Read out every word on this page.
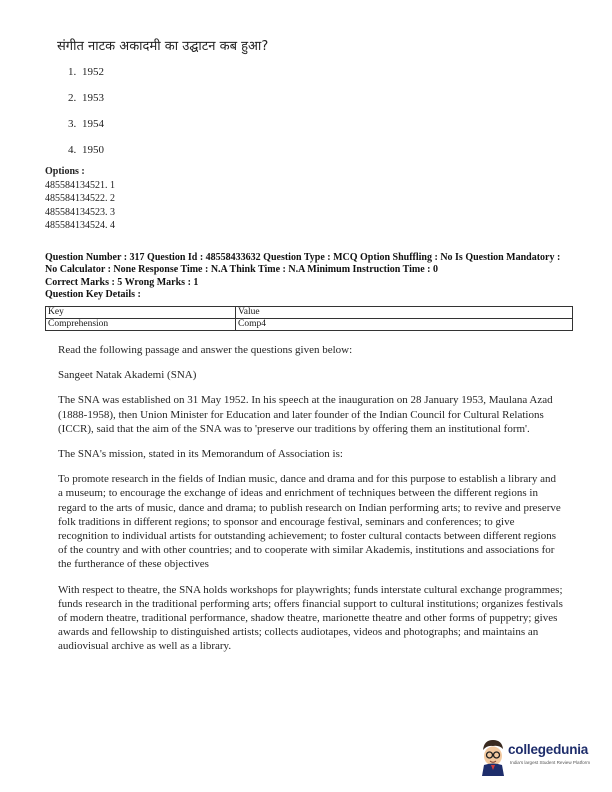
संगीत नाटक अकादमी का उद्घाटन कब हुआ?
1. 1952
2. 1953
3. 1954
4. 1950
Options :
485584134521. 1
485584134522. 2
485584134523. 3
485584134524. 4
Question Number : 317 Question Id : 48558433632 Question Type : MCQ Option Shuffling : No Is Question Mandatory :
No Calculator : None Response Time : N.A Think Time : N.A Minimum Instruction Time : 0
Correct Marks : 5 Wrong Marks : 1
Question Key Details :
Key	Value
Comprehension	Comp4

Read the following passage and answer the questions given below:

Sangeet Natak Akademi (SNA)

The SNA was established on 31 May 1952. In his speech at the inauguration on 28 January 1953, Maulana Azad (1888-1958), then Union Minister for Education and later founder of the Indian Council for Cultural Relations (ICCR), said that the aim of the SNA was to 'preserve our traditions by offering them an institutional form'.

The SNA's mission, stated in its Memorandum of Association is:

To promote research in the fields of Indian music, dance and drama and for this purpose to establish a library and a museum; to encourage the exchange of ideas and enrichment of techniques between the different regions in regard to the arts of music, dance and drama; to publish research on Indian performing arts; to revive and preserve folk traditions in different regions; to sponsor and encourage festival, seminars and conferences; to give recognition to individual artists for outstanding achievement; to foster cultural contacts between different regions of the country and with other countries; and to cooperate with similar Akademis, institutions and associations for the furtherance of these objectives

With respect to theatre, the SNA holds workshops for playwrights; funds interstate cultural exchange programmes; funds research in the traditional performing arts; offers financial support to cultural institutions; organizes festivals of modern theatre, traditional performance, shadow theatre, marionette theatre and other forms of puppetry; gives awards and fellowship to distinguished artists; collects audiotapes, videos and photographs; and maintains an audiovisual archive as well as a library.

collegedunia
India's largest Student Review Platform
